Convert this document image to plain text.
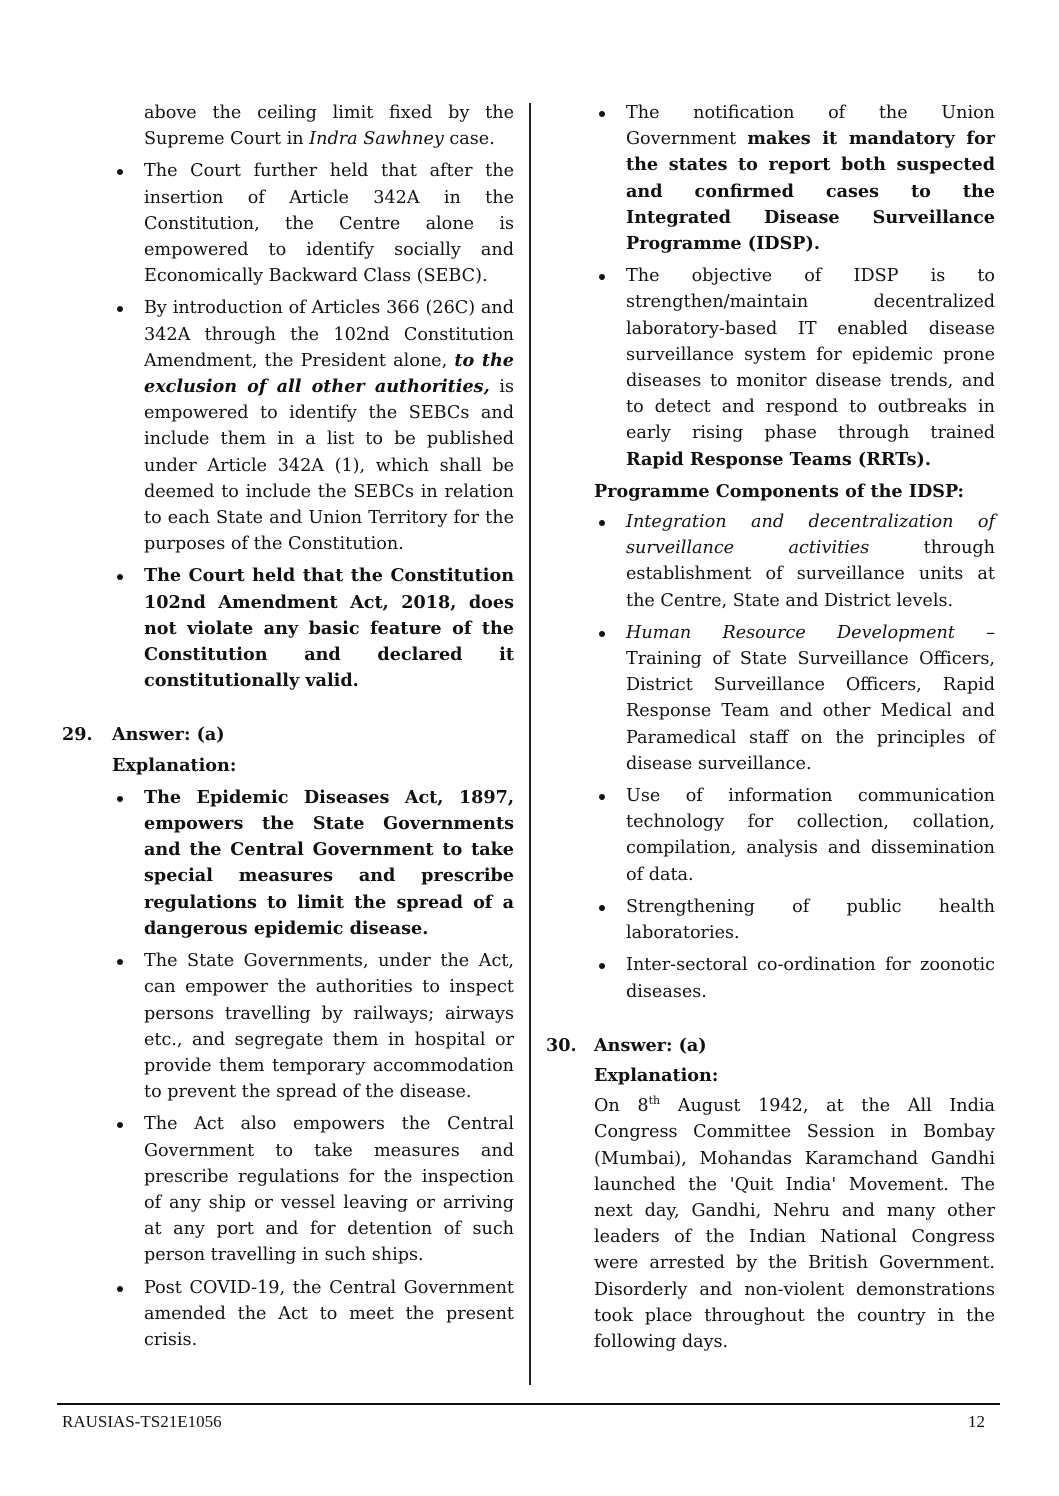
above the ceiling limit fixed by the Supreme Court in Indra Sawhney case.

The Court further held that after the insertion of Article 342A in the Constitution, the Centre alone is empowered to identify socially and Economically Backward Class (SEBC).
By introduction of Articles 366 (26C) and 342A through the 102nd Constitution Amendment, the President alone, to the exclusion of all other authorities, is empowered to identify the SEBCs and include them in a list to be published under Article 342A (1), which shall be deemed to include the SEBCs in relation to each State and Union Territory for the purposes of the Constitution.
The Court held that the Constitution 102nd Amendment Act, 2018, does not violate any basic feature of the Constitution and declared it constitutionally valid.
29. Answer: (a)
Explanation:
The Epidemic Diseases Act, 1897, empowers the State Governments and the Central Government to take special measures and prescribe regulations to limit the spread of a dangerous epidemic disease.
The State Governments, under the Act, can empower the authorities to inspect persons travelling by railways; airways etc., and segregate them in hospital or provide them temporary accommodation to prevent the spread of the disease.
The Act also empowers the Central Government to take measures and prescribe regulations for the inspection of any ship or vessel leaving or arriving at any port and for detention of such person travelling in such ships.
Post COVID-19, the Central Government amended the Act to meet the present crisis.
The notification of the Union Government makes it mandatory for the states to report both suspected and confirmed cases to the Integrated Disease Surveillance Programme (IDSP).
The objective of IDSP is to strengthen/maintain decentralized laboratory-based IT enabled disease surveillance system for epidemic prone diseases to monitor disease trends, and to detect and respond to outbreaks in early rising phase through trained Rapid Response Teams (RRTs).
Programme Components of the IDSP:
Integration and decentralization of surveillance activities through establishment of surveillance units at the Centre, State and District levels.
Human Resource Development – Training of State Surveillance Officers, District Surveillance Officers, Rapid Response Team and other Medical and Paramedical staff on the principles of disease surveillance.
Use of information communication technology for collection, collation, compilation, analysis and dissemination of data.
Strengthening of public health laboratories.
Inter-sectoral co-ordination for zoonotic diseases.
30. Answer: (a)
Explanation:

On 8th August 1942, at the All India Congress Committee Session in Bombay (Mumbai), Mohandas Karamchand Gandhi launched the 'Quit India' Movement. The next day, Gandhi, Nehru and many other leaders of the Indian National Congress were arrested by the British Government. Disorderly and non-violent demonstrations took place throughout the country in the following days.

RAUSIAS-TS21E1056	12
